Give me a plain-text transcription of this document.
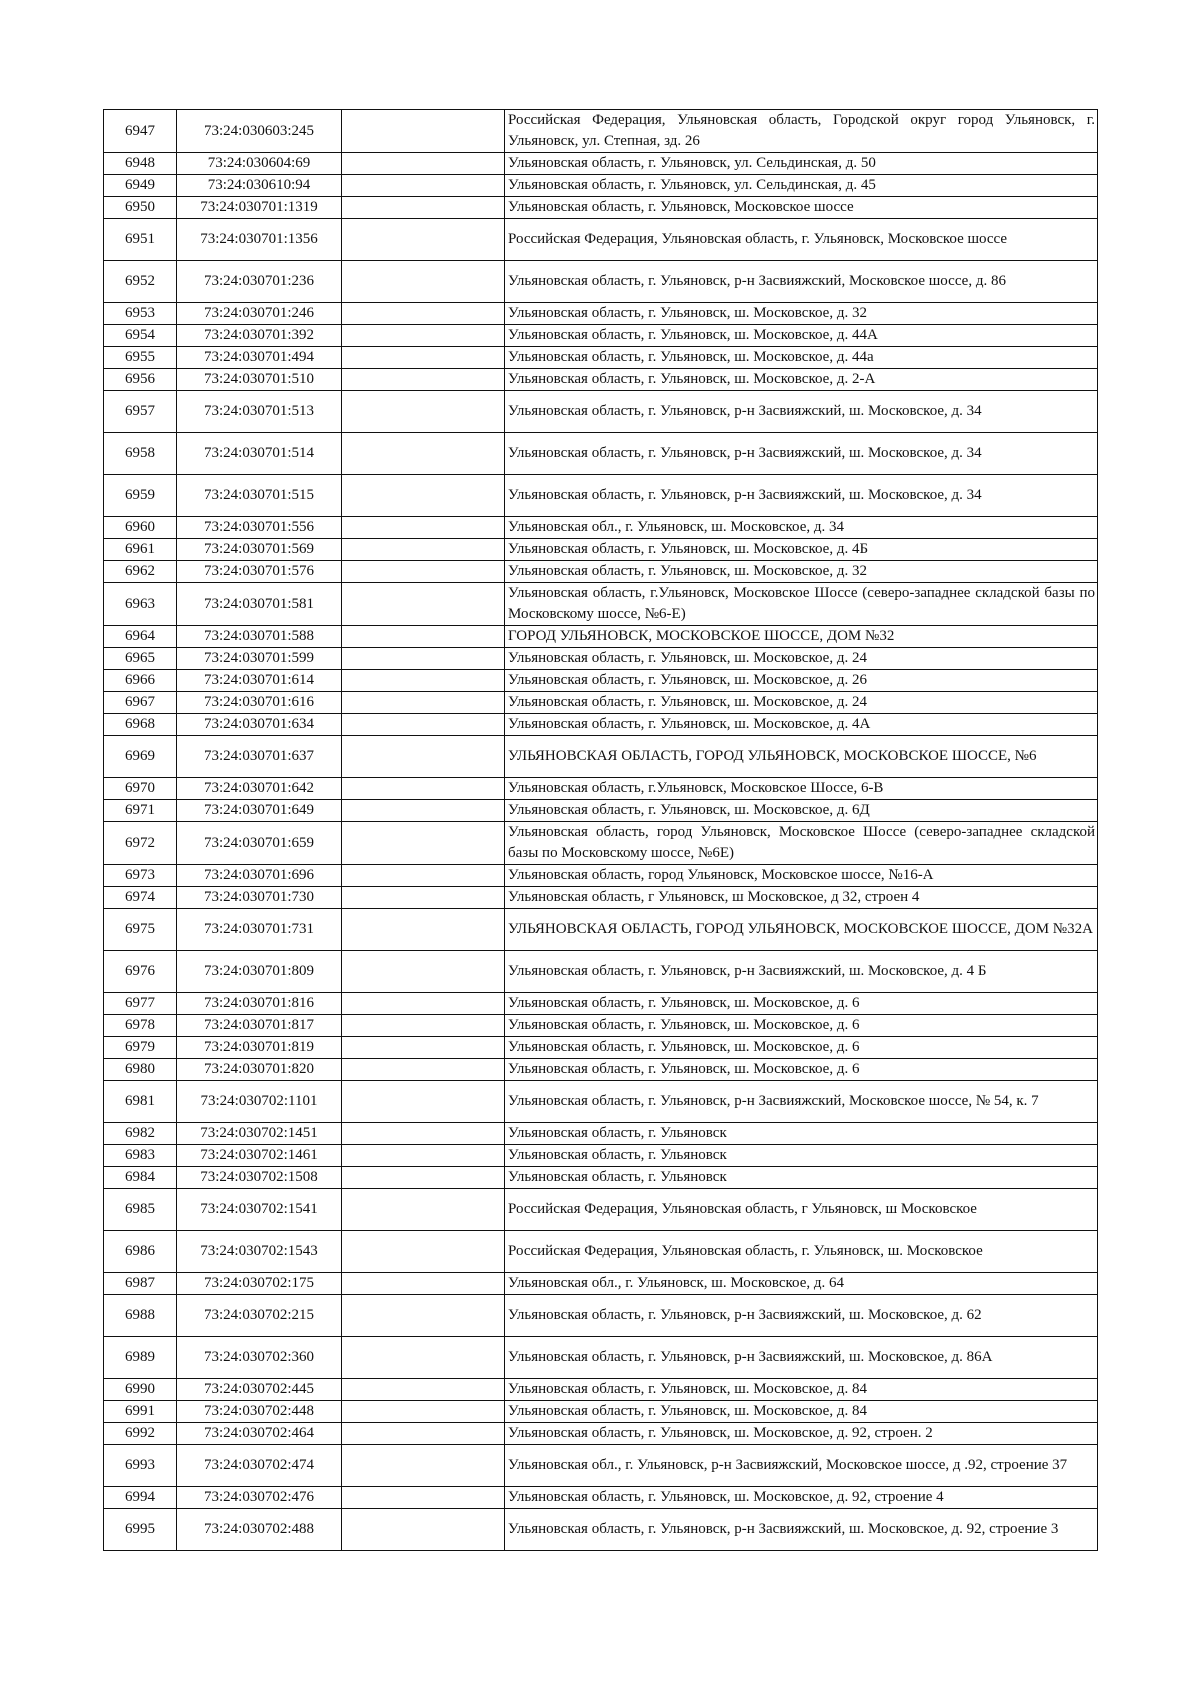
6947	73:24:030603:245		Российская Федерация, Ульяновская область, Городской округ город Ульяновск, г. Ульяновск, ул. Степная, зд. 26
6948	73:24:030604:69		Ульяновская область, г. Ульяновск, ул. Сельдинская, д. 50
6949	73:24:030610:94		Ульяновская область, г. Ульяновск, ул. Сельдинская, д. 45
6950	73:24:030701:1319		Ульяновская область, г. Ульяновск, Московское шоссе
6951	73:24:030701:1356		Российская Федерация, Ульяновская область, г. Ульяновск, Московское шоссе
6952	73:24:030701:236		Ульяновская область, г. Ульяновск, р-н Засвияжский, Московское шоссе, д. 86
6953	73:24:030701:246		Ульяновская область, г. Ульяновск, ш. Московское, д. 32
6954	73:24:030701:392		Ульяновская область, г. Ульяновск, ш. Московское, д. 44А
6955	73:24:030701:494		Ульяновская область, г. Ульяновск, ш. Московское, д. 44а
6956	73:24:030701:510		Ульяновская область, г. Ульяновск, ш. Московское, д. 2-А
6957	73:24:030701:513		Ульяновская область, г. Ульяновск, р-н Засвияжский, ш. Московское, д. 34
6958	73:24:030701:514		Ульяновская область, г. Ульяновск, р-н Засвияжский, ш. Московское, д. 34
6959	73:24:030701:515		Ульяновская область, г. Ульяновск, р-н Засвияжский, ш. Московское, д. 34
6960	73:24:030701:556		Ульяновская обл., г. Ульяновск, ш. Московское, д. 34
6961	73:24:030701:569		Ульяновская область, г. Ульяновск, ш. Московское, д. 4Б
6962	73:24:030701:576		Ульяновская область, г. Ульяновск, ш. Московское, д. 32
6963	73:24:030701:581		Ульяновская область, г.Ульяновск, Московское Шоссе (северо-западнее складской базы по Московскому шоссе, №6-Е)
6964	73:24:030701:588		ГОРОД УЛЬЯНОВСК, МОСКОВСКОЕ ШОССЕ, ДОМ №32
6965	73:24:030701:599		Ульяновская область, г. Ульяновск, ш. Московское, д. 24
6966	73:24:030701:614		Ульяновская область, г. Ульяновск, ш. Московское, д. 26
6967	73:24:030701:616		Ульяновская область, г. Ульяновск, ш. Московское, д. 24
6968	73:24:030701:634		Ульяновская область, г. Ульяновск, ш. Московское, д. 4А
6969	73:24:030701:637		УЛЬЯНОВСКАЯ ОБЛАСТЬ, ГОРОД УЛЬЯНОВСК, МОСКОВСКОЕ ШОССЕ, №6
6970	73:24:030701:642		Ульяновская область, г.Ульяновск, Московское Шоссе, 6-В
6971	73:24:030701:649		Ульяновская область, г. Ульяновск, ш. Московское, д. 6Д
6972	73:24:030701:659		Ульяновская область, город Ульяновск, Московское Шоссе (северо-западнее складской базы по Московскому шоссе, №6Е)
6973	73:24:030701:696		Ульяновская область, город Ульяновск, Московское шоссе, №16-А
6974	73:24:030701:730		Ульяновская область, г Ульяновск, ш Московское, д 32, строен 4
6975	73:24:030701:731		УЛЬЯНОВСКАЯ ОБЛАСТЬ, ГОРОД УЛЬЯНОВСК, МОСКОВСКОЕ ШОССЕ, ДОМ №32А
6976	73:24:030701:809		Ульяновская область, г. Ульяновск, р-н Засвияжский, ш. Московское, д. 4 Б
6977	73:24:030701:816		Ульяновская область, г. Ульяновск, ш. Московское, д. 6
6978	73:24:030701:817		Ульяновская область, г. Ульяновск, ш. Московское, д. 6
6979	73:24:030701:819		Ульяновская область, г. Ульяновск, ш. Московское, д. 6
6980	73:24:030701:820		Ульяновская область, г. Ульяновск, ш. Московское, д. 6
6981	73:24:030702:1101		Ульяновская область, г. Ульяновск, р-н Засвияжский, Московское шоссе, № 54, к. 7
6982	73:24:030702:1451		Ульяновская область, г. Ульяновск
6983	73:24:030702:1461		Ульяновская область, г. Ульяновск
6984	73:24:030702:1508		Ульяновская область, г. Ульяновск
6985	73:24:030702:1541		Российская Федерация, Ульяновская область, г Ульяновск, ш Московское
6986	73:24:030702:1543		Российская Федерация, Ульяновская область, г. Ульяновск, ш. Московское
6987	73:24:030702:175		Ульяновская обл., г. Ульяновск, ш. Московское, д. 64
6988	73:24:030702:215		Ульяновская область, г. Ульяновск, р-н Засвияжский, ш. Московское, д. 62
6989	73:24:030702:360		Ульяновская область, г. Ульяновск, р-н Засвияжский, ш. Московское, д. 86А
6990	73:24:030702:445		Ульяновская область, г. Ульяновск, ш. Московское, д. 84
6991	73:24:030702:448		Ульяновская область, г. Ульяновск, ш. Московское, д. 84
6992	73:24:030702:464		Ульяновская область, г. Ульяновск, ш. Московское, д. 92, строен. 2
6993	73:24:030702:474		Ульяновская обл., г. Ульяновск, р-н Засвияжский, Московское шоссе, д .92, строение 37
6994	73:24:030702:476		Ульяновская область, г. Ульяновск, ш. Московское, д. 92, строение 4
6995	73:24:030702:488		Ульяновская область, г. Ульяновск, р-н Засвияжский, ш. Московское, д. 92, строение 3
